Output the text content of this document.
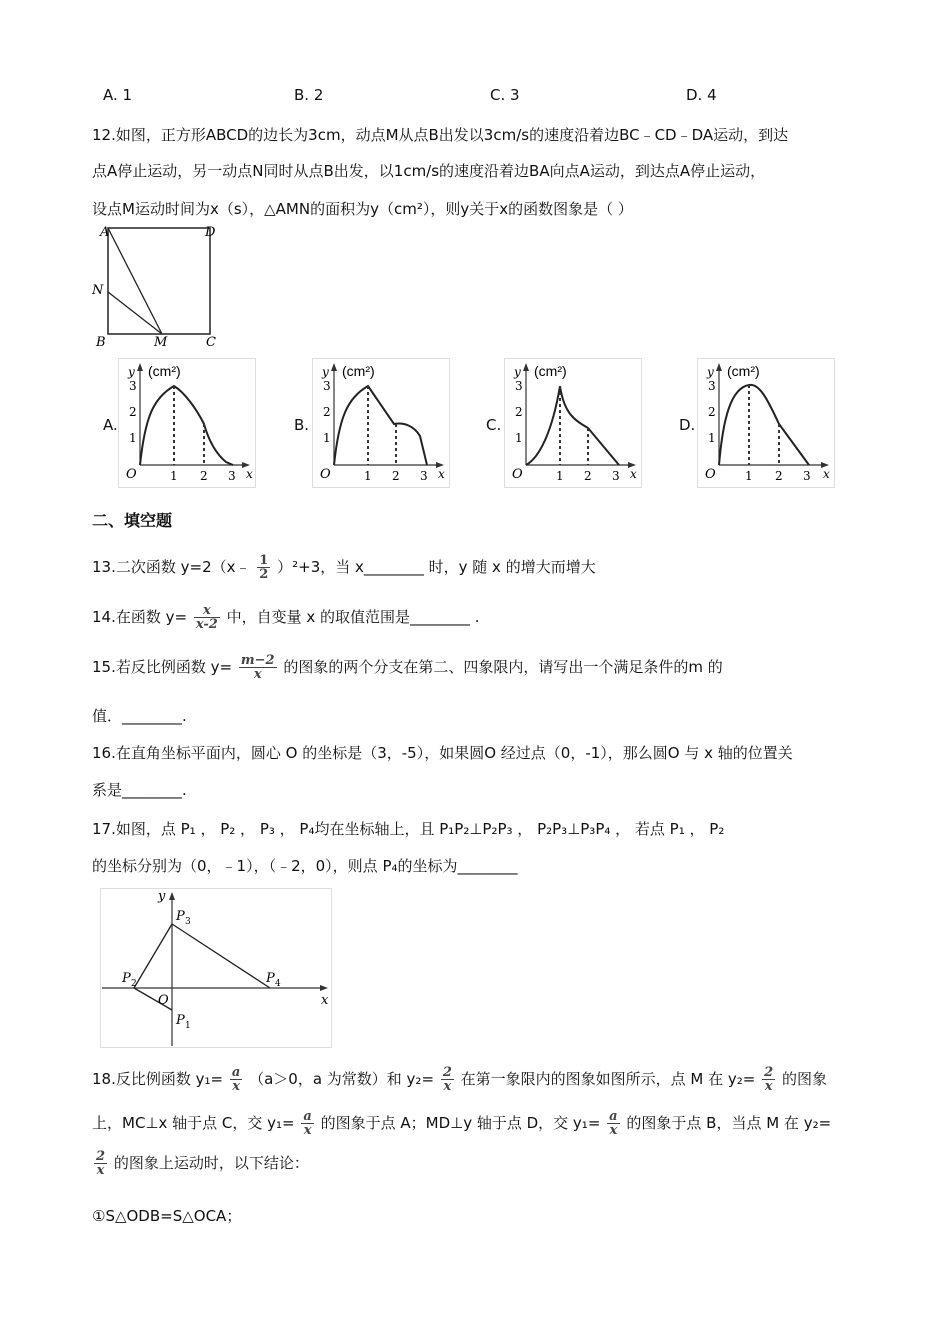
A. 1	B. 2	C. 3	D. 4
12.如图，正方形ABCD的边长为3cm，动点M从点B出发以3cm/s的速度沿着边BC﹣CD﹣DA运动，到达
点A停止运动，另一动点N同时从点B出发，以1cm/s的速度沿着边BA向点A运动，到达点A停止运动，
设点M运动时间为x（s），△AMN的面积为y（cm²），则y关于x的函数图象是（ ）
A	D
N
B	M	C
A.	B.	C.	D.
y (cm²)
3
2
1
O	1 2 3 x
y (cm²)
3
2
1
O	1 2 3 x
y (cm²)
3
2
1
O	1 2 3 x
y (cm²)
3
2
1
O 1 2 3 x
二、填空题
13.二次函数 y=2（x﹣ $\frac{1}{2} )^2+3$，当 x________ 时，y 随 x 的增大而增大
14.在函数 $y= \frac{x}{x-2}$ 中，自变量 x 的取值范围是________ .
15.若反比例函数 $y= \frac{m-2}{x}$ 的图象的两个分支在第二、四象限内，请写出一个满足条件的m 的
值．________.
16.在直角坐标平面内，圆心 O 的坐标是（3，-5），如果圆O 经过点（0，-1），那么圆O 与 x 轴的位置关
系是________.
17.如图，点 P₁ ， P₂ ， P₃ ， P₄均在坐标轴上，且 P₁P₂⊥P₂P₃ ， P₂P₃⊥P₃P₄ ， 若点 P₁ ， P₂
的坐标分别为（0，﹣1），（﹣2，0），则点 P₄的坐标为________
y
x
O
P 1
P 2
P 3
P 4
18.反比例函数 $y_1= \frac{a}{x} (a>0$，a 为常数）和 $y_2= \frac{2}{x}$ 在第一象限内的图象如图所示，点 M 在 $y_2= \frac{2}{x}$ 的图象
上，MC⊥x 轴于点 C，交 $y_1= \frac{a}{x}$ 的图象于点 A；MD⊥y 轴于点 D，交 $y_1= \frac{a}{x}$ 的图象于点 B，当点 M 在 y₂=
$\frac{2}{x}$ 的图象上运动时，以下结论：
①S△ODB=S△OCA；
